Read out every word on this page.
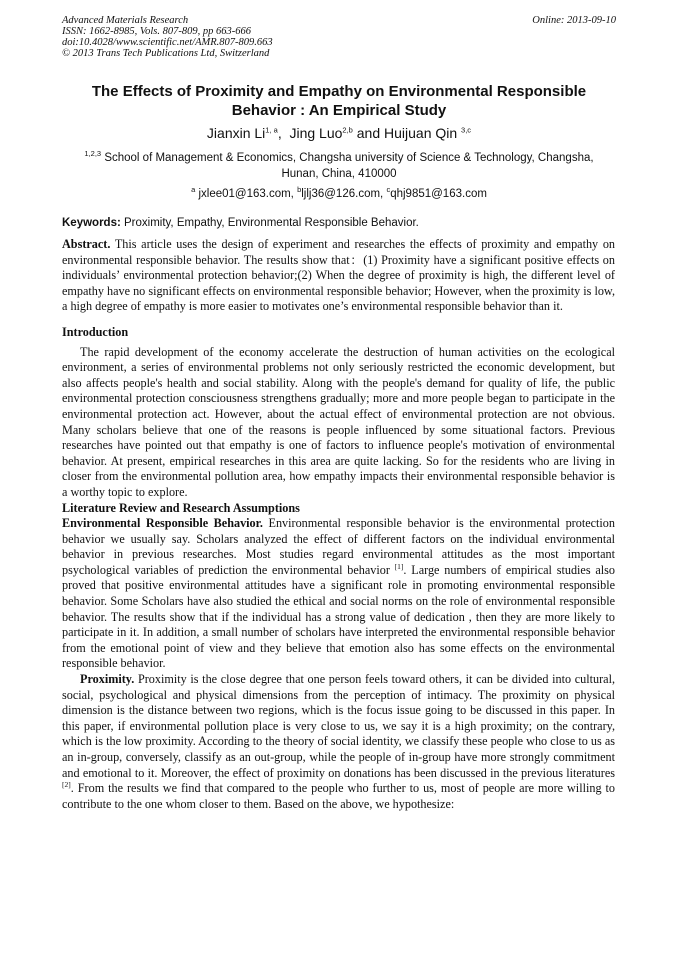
Advanced Materials Research
ISSN: 1662-8985, Vols. 807-809, pp 663-666
doi:10.4028/www.scientific.net/AMR.807-809.663
© 2013 Trans Tech Publications Ltd, Switzerland
Online: 2013-09-10
The Effects of Proximity and Empathy on Environmental Responsible
Behavior : An Empirical Study
Jianxin Li$^{1, a}$,  Jing Luo$^{2,b}$ and Huijuan Qin $^{3,c}$
$^{1,2,3}$ School of Management & Economics, Changsha university of Science & Technology, Changsha,
Hunan, China, 410000
$^a$ jxlee01@163.com, $^b$ljlj36@126.com, $^c$qhj9851@163.com
Keywords: Proximity, Empathy, Environmental Responsible Behavior.

Abstract. This article uses the design of experiment and researches the effects of proximity and empathy on environmental responsible behavior. The results show that：(1) Proximity have a significant positive effects on individuals’ environmental protection behavior;(2) When the degree of proximity is high, the different level of empathy have no significant effects on environmental responsible behavior; However, when the proximity is low, a high degree of empathy is more easier to motivates one’s environmental responsible behavior than it.

Introduction

The rapid development of the economy accelerate the destruction of human activities on the ecological environment, a series of environmental problems not only seriously restricted the economic development, but also affects people's health and social stability. Along with the people's demand for quality of life, the public environmental protection consciousness strengthens gradually; more and more people began to participate in the environmental protection act. However, about the actual effect of environmental protection are not obvious. Many scholars believe that one of the reasons is people influenced by some situational factors. Previous researches have pointed out that empathy is one of factors to influence people's motivation of environmental behavior. At present, empirical researches in this area are quite lacking. So for the residents who are living in closer from the environmental pollution area, how empathy impacts their environmental responsible behavior is a worthy topic to explore.

Literature Review and Research Assumptions

Environmental Responsible Behavior. Environmental responsible behavior is the environmental protection behavior we usually say. Scholars analyzed the effect of different factors on the individual environmental behavior in previous researches. Most studies regard environmental attitudes as the most important psychological variables of prediction the environmental behavior [1]. Large numbers of empirical studies also proved that positive environmental attitudes have a significant role in promoting environmental responsible behavior. Some Scholars have also studied the ethical and social norms on the role of environmental responsible behavior. The results show that if the individual has a strong value of dedication , then they are more likely to participate in it. In addition, a small number of scholars have interpreted the environmental responsible behavior from the emotional point of view and they believe that emotion also has some effects on the environmental responsible behavior.

Proximity. Proximity is the close degree that one person feels toward others, it can be divided into cultural, social, psychological and physical dimensions from the perception of intimacy. The proximity on physical dimension is the distance between two regions, which is the focus issue going to be discussed in this paper. In this paper, if environmental pollution place is very close to us, we say it is a high proximity; on the contrary, which is the low proximity. According to the theory of social identity, we classify these people who close to us as an in-group, conversely, classify as an out-group, while the people of in-group have more strongly commitment and emotional to it. Moreover, the effect of proximity on donations has been discussed in the previous literatures [2]. From the results we find that compared to the people who further to us, most of people are more willing to contribute to the one whom closer to them. Based on the above, we hypothesize:
